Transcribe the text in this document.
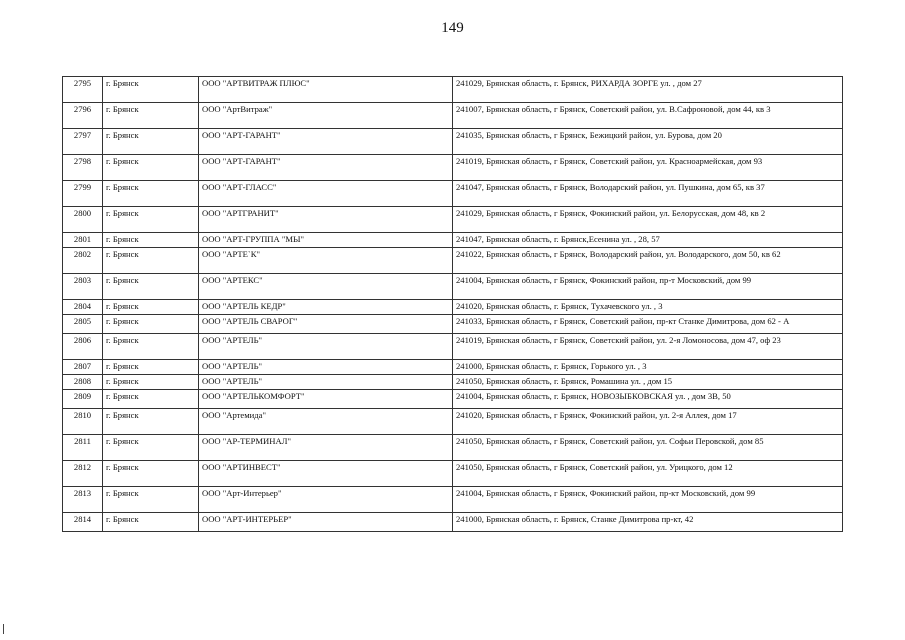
149
2795	г. Брянск	ООО "АРТВИТРАЖ ПЛЮС"	241029, Брянская область, г. Брянск, РИХАРДА ЗОРГЕ ул. , дом 27
2796	г. Брянск	ООО "АртВитраж"	241007, Брянская область, г Брянск, Советский район, ул. В.Сафроновой, дом 44, кв 3
2797	г. Брянск	ООО "АРТ-ГАРАНТ"	241035, Брянская область, г Брянск, Бежицкий район, ул. Бурова, дом 20
2798	г. Брянск	ООО "АРТ-ГАРАНТ"	241019, Брянская область, г Брянск, Советский район, ул. Красноармейская, дом 93
2799	г. Брянск	ООО "АРТ-ГЛАСС"	241047, Брянская область, г Брянск, Володарский район, ул. Пушкина, дом 65, кв 37
2800	г. Брянск	ООО "АРТГРАНИТ"	241029, Брянская область, г Брянск, Фокинский район, ул. Белорусская, дом 48, кв 2
2801	г. Брянск	ООО "АРТ-ГРУППА "МЫ"	241047, Брянская область, г. Брянск,Есенина ул. , 28, 57
2802	г. Брянск	ООО "АРТЕ`К"	241022, Брянская область, г Брянск, Володарский район, ул. Володарского, дом 50, кв 62
2803	г. Брянск	ООО "АРТЕКС"	241004, Брянская область, г Брянск, Фокинский район, пр-т Московский, дом 99
2804	г. Брянск	ООО "АРТЕЛЬ КЕДР"	241020, Брянская область, г. Брянск, Тухачевского ул. , 3
2805	г. Брянск	ООО "АРТЕЛЬ СВАРОГ"	241033, Брянская область, г Брянск, Советский район, пр-кт Станке Димитрова, дом 62 - А
2806	г. Брянск	ООО "АРТЕЛЬ"	241019, Брянская область, г Брянск, Советский район, ул. 2-я Ломоносова, дом 47, оф 23
2807	г. Брянск	ООО "АРТЕЛЬ"	241000, Брянская область, г. Брянск, Горького ул. , 3
2808	г. Брянск	ООО "АРТЕЛЬ"	241050, Брянская область, г. Брянск, Ромашина ул. , дом 15
2809	г. Брянск	ООО "АРТЕЛЬКОМФОРТ"	241004, Брянская область, г. Брянск, НОВОЗЫБКОВСКАЯ ул. , дом 3В, 50
2810	г. Брянск	ООО "Артемида"	241020, Брянская область, г Брянск, Фокинский район, ул. 2-я Аллея, дом 17
2811	г. Брянск	ООО "АР-ТЕРМИНАЛ"	241050, Брянская область, г Брянск, Советский район, ул. Софьи Перовской, дом 85
2812	г. Брянск	ООО "АРТИНВЕСТ"	241050, Брянская область, г Брянск, Советский район, ул. Урицкого, дом 12
2813	г. Брянск	ООО "Арт-Интерьер"	241004, Брянская область, г Брянск, Фокинский район, пр-кт Московский, дом 99
2814	г. Брянск	ООО "АРТ-ИНТЕРЬЕР"	241000, Брянская область, г. Брянск, Станке Димитрова пр-кт, 42
